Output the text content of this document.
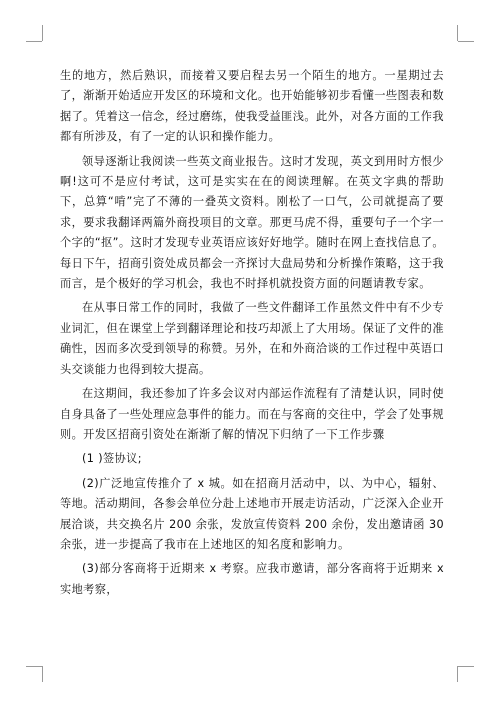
生的地方，然后熟识，而接着又要启程去另一个陌生的地方。一星期过去了，渐渐开始适应开发区的环境和文化。也开始能够初步看懂一些图表和数据了。凭着这一信念，经过磨练，使我受益匪浅。此外，对各方面的工作我都有所涉及，有了一定的认识和操作能力。

领导逐渐让我阅读一些英文商业报告。这时才发现，英文到用时方恨少啊!这可不是应付考试，这可是实实在在的阅读理解。在英文字典的帮助下，总算“啃”完了不薄的一叠英文资料。刚松了一口气，公司就提高了要求，要求我翻译两篇外商投项目的文章。那更马虎不得，重要句子一个字一个字的“抠”。这时才发现专业英语应该好好地学。随时在网上查找信息了。每日下午，招商引资处成员都会一齐探讨大盘局势和分析操作策略，这于我而言，是个极好的学习机会，我也不时择机就投资方面的问题请教专家。

在从事日常工作的同时，我做了一些文件翻译工作虽然文件中有不少专业词汇，但在课堂上学到翻译理论和技巧却派上了大用场。保证了文件的准确性，因而多次受到领导的称赞。另外，在和外商洽谈的工作过程中英语口头交谈能力也得到较大提高。

在这期间，我还参加了许多会议对内部运作流程有了清楚认识，同时使自身具备了一些处理应急事件的能力。而在与客商的交往中，学会了处事规则。开发区招商引资处在渐渐了解的情况下归纳了一下工作步骤

(1 )签协议;

(2)广泛地宣传推介了 x 城。如在招商月活动中，以、为中心，辐射、等地。活动期间，各参会单位分赴上述地市开展走访活动，广泛深入企业开展洽谈，共交换名片 200 余张，发放宣传资料 200 余份，发出邀请函 30 余张，进一步提高了我市在上述地区的知名度和影响力。

(3)部分客商将于近期来 x 考察。应我市邀请，部分客商将于近期来 x 实地考察，
